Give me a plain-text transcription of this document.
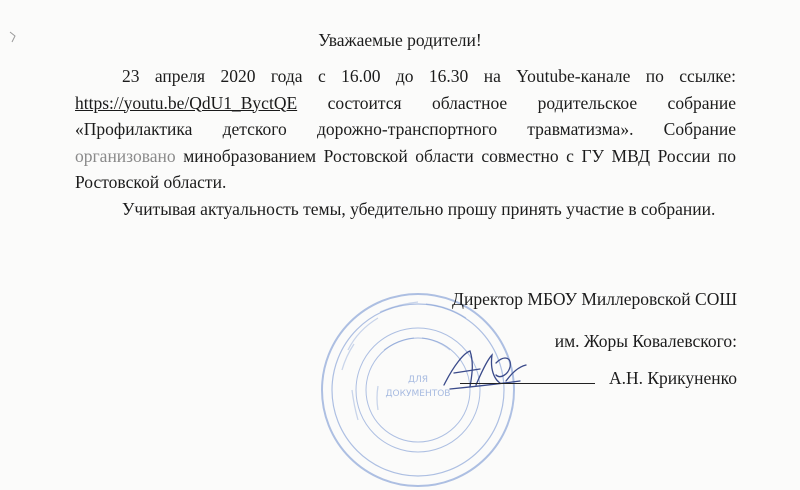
Уважаемые родители!

23 апреля 2020 года с 16.00 до 16.30 на Youtube-канале по ссылке: https://youtu.be/QdU1_ByctQE состоится областное родительское собрание «Профилактика детского дорожно-транспортного травматизма». Собрание организовано минобразованием Ростовской области совместно с ГУ МВД России по Ростовской области.

Учитывая актуальность темы, убедительно прошу принять участие в собрании.

ДЛЯ
ДОКУМЕНТОВ
Директор МБОУ Миллеровской СОШ
им. Жоры Ковалевского:
А.Н. Крикуненко
